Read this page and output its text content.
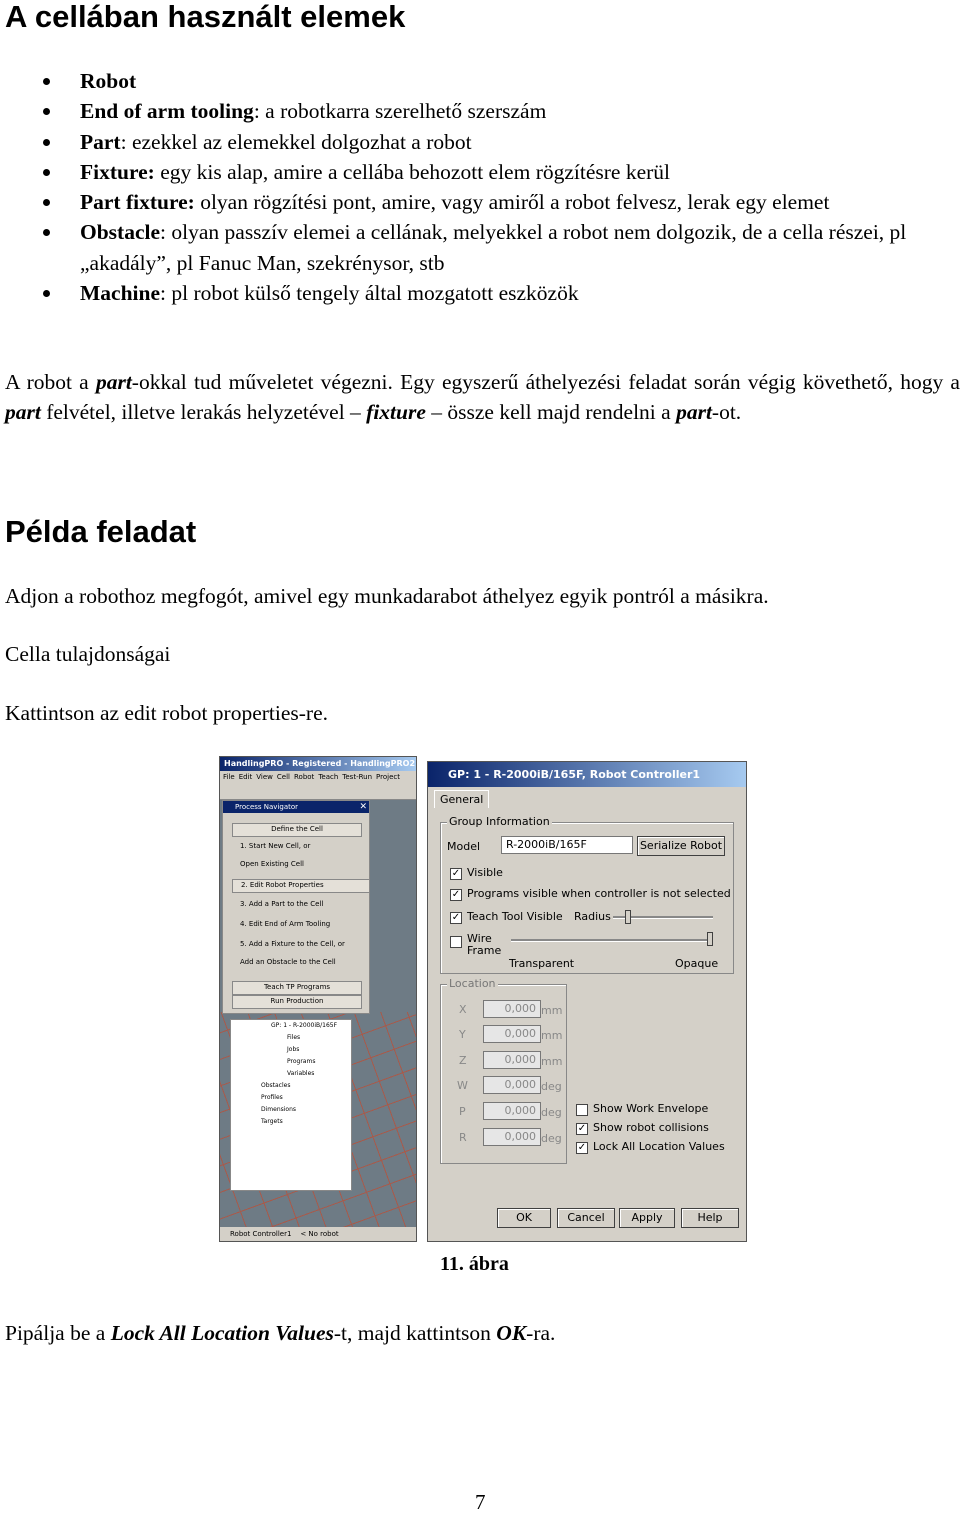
A cellában használt elemek
Robot
End of arm tooling: a robotkarra szerelhető szerszám
Part: ezekkel az elemekkel dolgozhat a robot
Fixture: egy kis alap, amire a cellába behozott elem rögzítésre kerül
Part fixture: olyan rögzítési pont, amire, vagy amiről a robot felvesz, lerak egy elemet
Obstacle: olyan passzív elemei a cellának, melyekkel a robot nem dolgozik, de a cella részei, pl „akadály”, pl Fanuc Man, szekrénysor, stb
Machine: pl robot külső tengely által mozgatott eszközök

A robot a part-okkal tud műveletet végezni. Egy egyszerű áthelyezési feladat során végig követhető, hogy a part felvétel, illetve lerakás helyzetével – fixture – össze kell majd rendelni a part-ot.

Példa feladat

Adjon a robothoz megfogót, amivel egy munkadarabot áthelyez egyik pontról a másikra.

Cella tulajdonságai

Kattintson az edit robot properties-re.

HandlingPRO - Registered - HandlingPRO2
File Edit View Cell Robot Teach Test-Run Project
Process Navigator	✕
Define the Cell
1. Start New Cell, or
Open Existing Cell
2. Edit Robot Properties
3. Add a Part to the Cell
4. Edit End of Arm Tooling
5. Add a Fixture to the Cell, or
Add an Obstacle to the Cell
Teach TP Programs
Run Production
GP: 1 - R-2000iB/165F
Files
Jobs
Programs
Variables
Obstacles
Profiles
Dimensions
Targets
Robot Controller1 < No robot
GP: 1 - R-2000iB/165F, Robot Controller1
General
Group Information
Model	R-2000iB/165F	Serialize Robot
✓ Visible
✓ Programs visible when controller is not selected
✓ Teach Tool Visible Radius
Wire
Frame
Transparent	Opaque
Location
X	0,000 mm
Y	0,000 mm
Z	0,000 mm
W	0,000 deg
P	0,000 deg
R	0,000 deg
Show Work Envelope
✓ Show robot collisions
✓ Lock All Location Values
OK	Cancel	Apply	Help
11. ábra

Pipálja be a Lock All Location Values-t, majd kattintson OK-ra.

7
